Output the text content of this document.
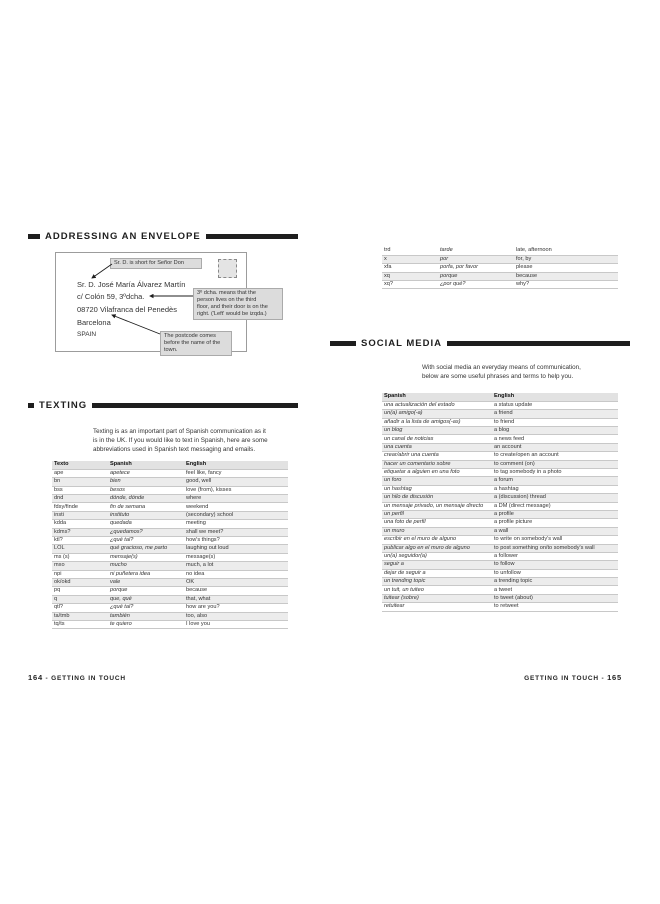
ADDRESSING AN ENVELOPE
Sr. D. José María Álvarez Martín
c/ Colón 59, 3ºdcha.
08720 Vilafranca del Penedès
Barcelona
SPAIN
Sr. D. is short for Señor Don
3º dcha. means that the
person lives on the third
floor, and their door is on the
right. ('Left' would be izqda.)
The postcode comes
before the name of the
town.
TEXTING
Texting is as an important part of Spanish communication as it
is in the UK. If you would like to text in Spanish, here are some
abbreviations used in Spanish text messaging and emails.
Texto	Spanish	English
ape	apetece	feel like, fancy
bn	bien	good, well
bss	besos	love (from), kisses
dnd	dónde, dónde	where
fdsy/finde	fin de semana	weekend
insti	instituto	(secondary) school
kdda	quedada	meeting
kdms?	¿quedamos?	shall we meet?
ktl?	¿qué tal?	how's things?
LOL	qué gracioso, me parto	laughing out loud
ms (s)	mensaje(s)	message(s)
mxo	mucho	much, a lot
npi	ni puñetera idea	no idea
ok/okd	vale	OK
pq	porque	because
q	que, qué	that, what
qtl?	¿qué tal?	how are you?
ta/tmb	también	too, also
tq/ts	te quiero	I love you
164 - GETTING IN TOUCH
trd	tarde	late, afternoon
x	por	for, by
xfa	porfa, por favor	please
xq	porque	because
xq?	¿por qué?	why?
SOCIAL MEDIA
With social media an everyday means of communication,
below are some useful phrases and terms to help you.
Spanish	English
una actualización del estado	a status update
un(a) amigo(-a)	a friend
añadir a la lista de amigos(-as)	to friend
un blog	a blog
un canal de noticias	a news feed
una cuenta	an account
crear/abrir una cuenta	to create/open an account
hacer un comentario sobre	to comment (on)
etiquetar a alguien en una foto	to tag somebody in a photo
un foro	a forum
un hashtag	a hashtag
un hilo de discusión	a (discussion) thread
un mensaje privado, un mensaje directo	a DM (direct message)
un perfil	a profile
una foto de perfil	a profile picture
un muro	a wall
escribir en el muro de alguno	to write on somebody's wall
publicar algo en el muro de alguno	to post something on/to somebody's wall
un(a) seguidor(a)	a follower
seguir a	to follow
dejar de seguir a	to unfollow
un trending topic	a trending topic
un tuit, un tuiteo	a tweet
tuitear (sobre)	to tweet (about)
retuitear	to retweet
GETTING IN TOUCH - 165
